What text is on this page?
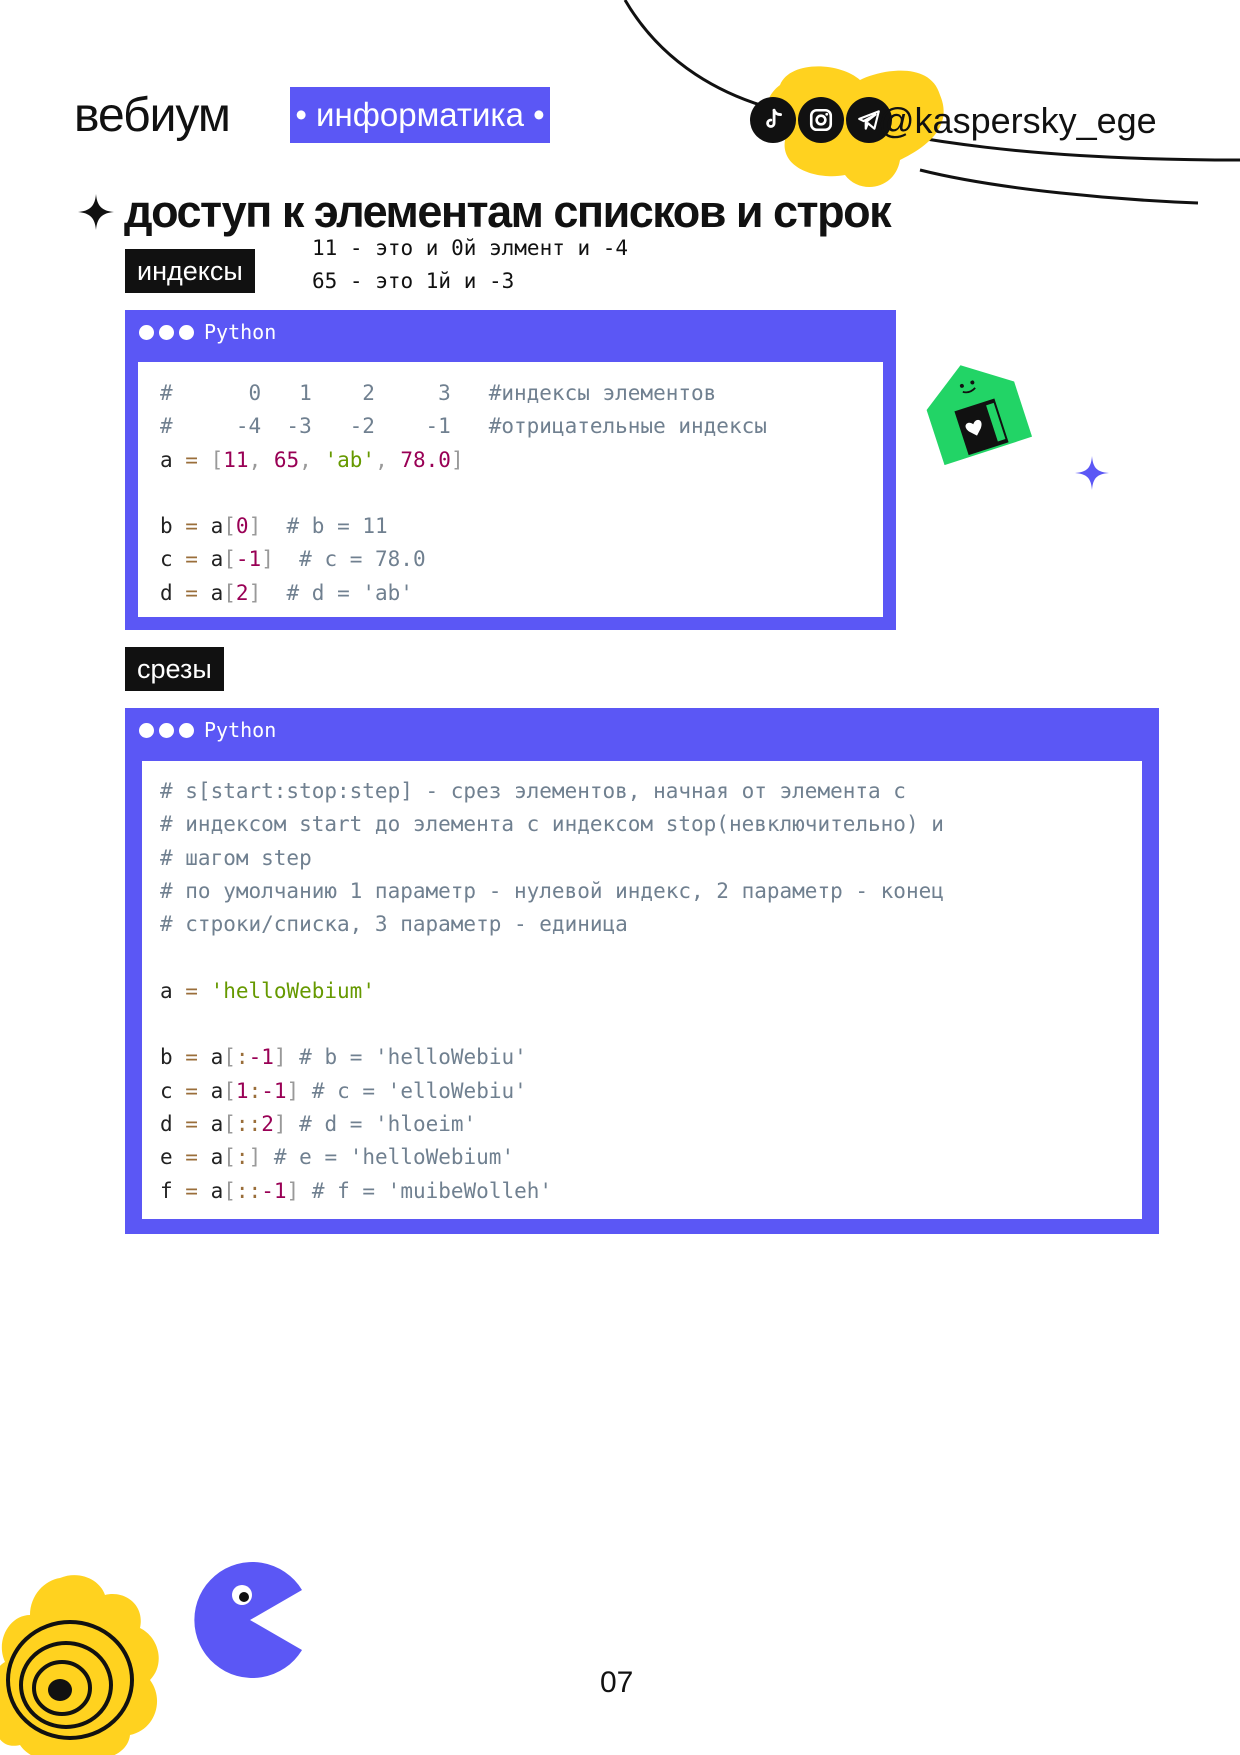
вебиум • информатика •	@kaspersky_ege
доступ к элементам списков и строк
индексы
11 - это и 0й элмент и -4
65 - это 1й и -3
Python
#      0   1    2     3   #индексы элементов
#     -4  -3   -2    -1   #отрицательные индексы
a = [11, 65, 'ab', 78.0]

b = a[0] # b = 11
c = a[-1] # c = 78.0
d = a[2] # d = 'ab'
срезы
Python
# s[start:stop:step] - срез элементов, начная от элемента с
# индексом start до элемента с индексом stop(невключительно) и
# шагом step
# по умолчанию 1 параметр - нулевой индекс, 2 параметр - конец
# строки/списка, 3 параметр - единица

a = 'helloWebium'

b = a[:-1] # b = 'helloWebiu'
c = a[1:-1] # c = 'elloWebiu'
d = a[::2] # d = 'hloeim'
e = a[:] # e = 'helloWebium'
f = a[::-1] # f = 'muibeWolleh'
07
